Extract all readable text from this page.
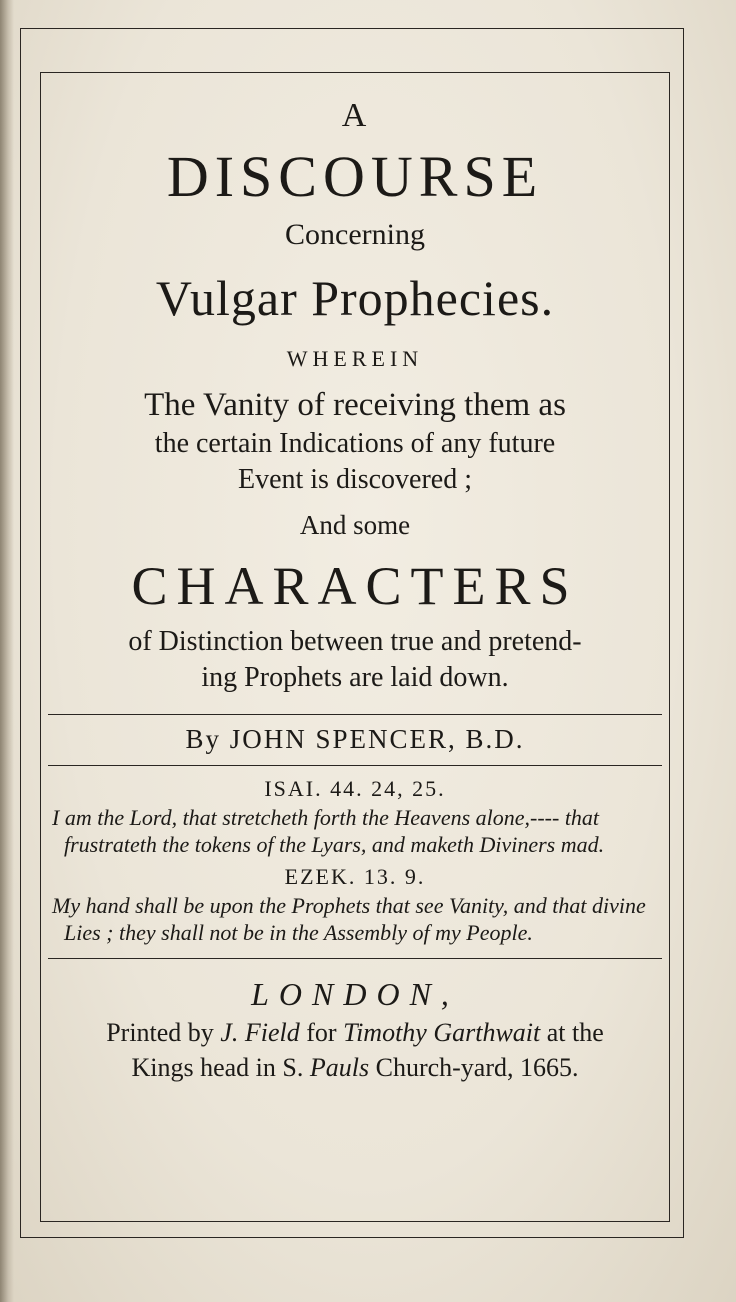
A
DISCOURSE
Concerning
Vulgar Prophecies.
WHEREIN
The Vanity of receiving them as
the certain Indications of any future
Event is discovered ;
And some
CHARACTERS
of Distinction between true and pretend-
ing Prophets are laid down.
By JOHN SPENCER, B.D.
ISAI. 44. 24, 25.
I am the Lord, that stretcheth forth the Heavens alone,---- that frustrateth the tokens of the Lyars, and maketh Diviners mad.
EZEK. 13. 9.
My hand shall be upon the Prophets that see Vanity, and that divine Lies ; they shall not be in the Assembly of my People.
LONDON,
Printed by J. Field for Timothy Garthwait at the
Kings head in S. Pauls Church-yard, 1665.
